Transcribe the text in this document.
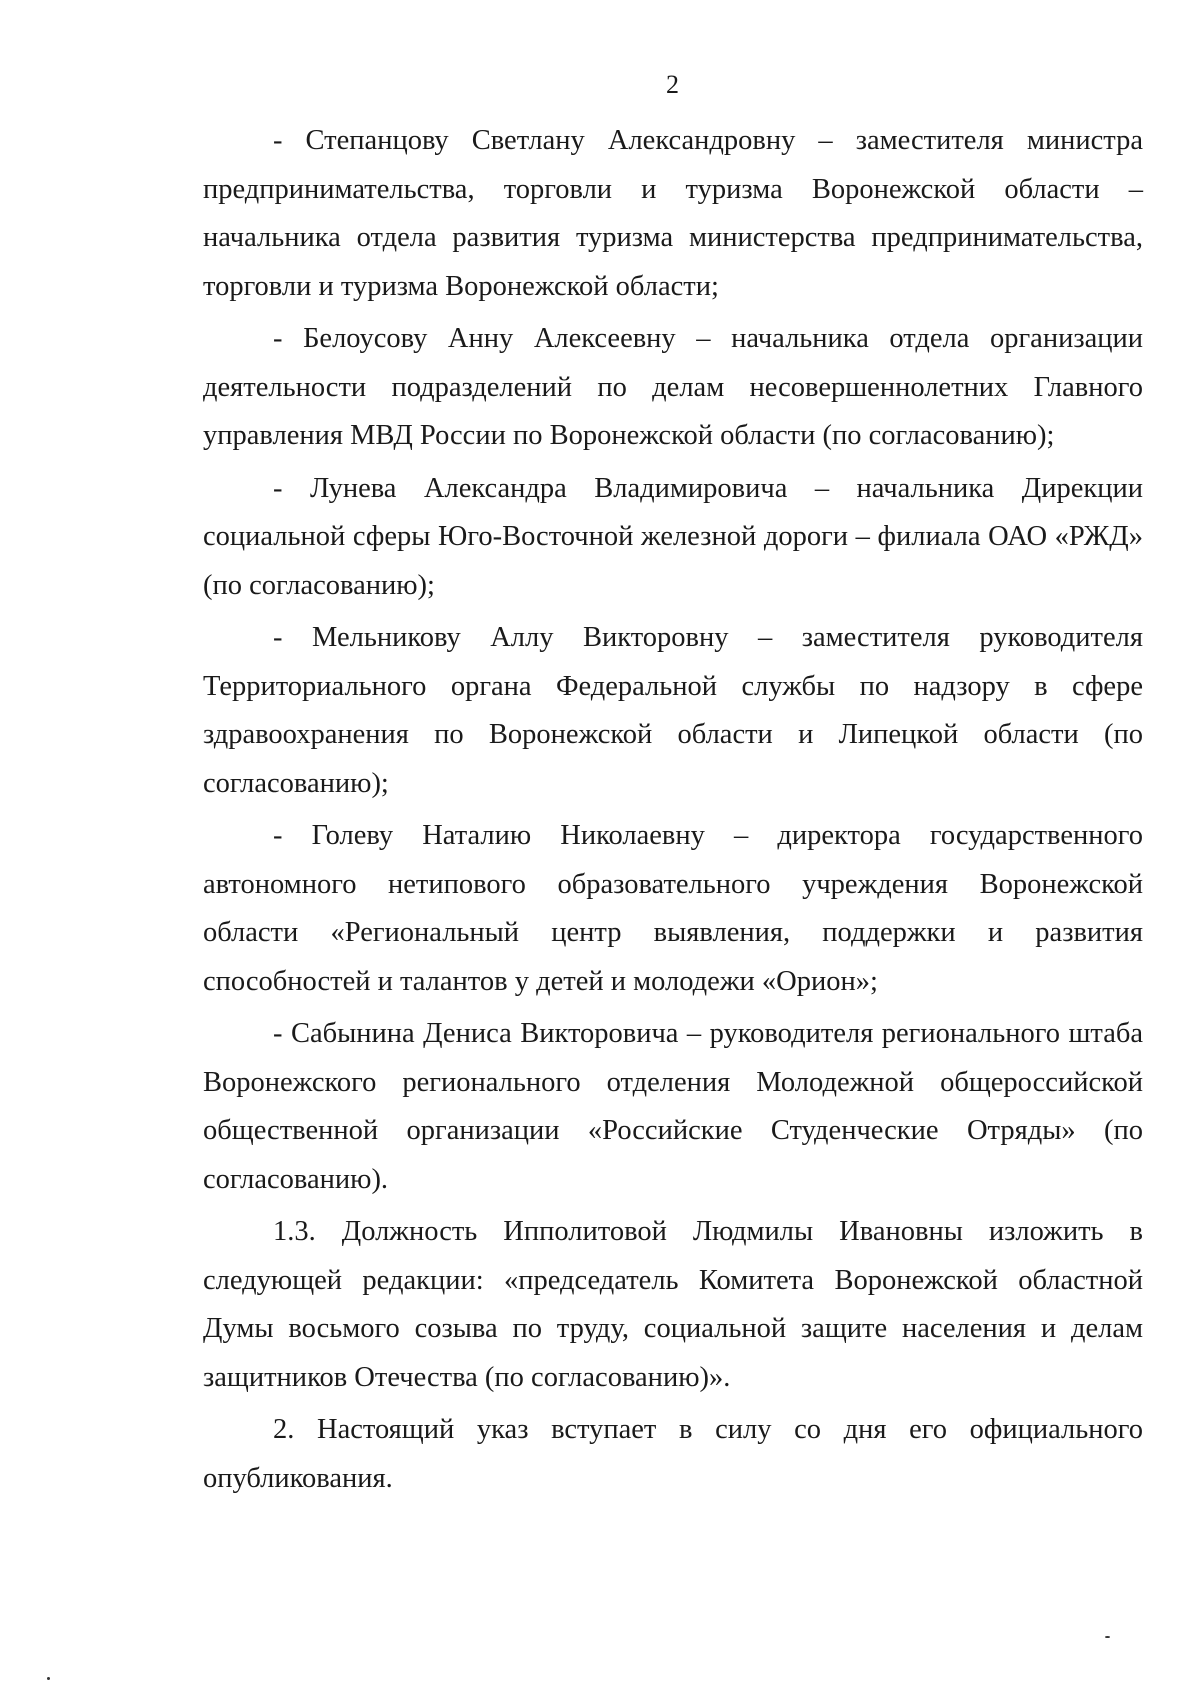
2
- Степанцову Светлану Александровну – заместителя министра
предпринимательства, торговли и туризма Воронежской области –
начальника отдела развития туризма министерства предпринимательства,
торговли и туризма Воронежской области;
- Белоусову Анну Алексеевну – начальника отдела организации
деятельности подразделений по делам несовершеннолетних Главного
управления МВД России по Воронежской области (по согласованию);
- Лунева Александра Владимировича – начальника Дирекции
социальной сферы Юго-Восточной железной дороги – филиала ОАО «РЖД»
(по согласованию);
- Мельникову Аллу Викторовну – заместителя руководителя
Территориального органа Федеральной службы по надзору в сфере
здравоохранения по Воронежской области и Липецкой области (по
согласованию);
- Голеву Наталию Николаевну – директора государственного
автономного нетипового образовательного учреждения Воронежской
области «Региональный центр выявления, поддержки и развития
способностей и талантов у детей и молодежи «Орион»;
- Сабынина Дениса Викторовича – руководителя регионального штаба
Воронежского регионального отделения Молодежной общероссийской
общественной организации «Российские Студенческие Отряды» (по
согласованию).
1.3. Должность Ипполитовой Людмилы Ивановны изложить в
следующей редакции: «председатель Комитета Воронежской областной
Думы восьмого созыва по труду, социальной защите населения и делам
защитников Отечества (по согласованию)».
2. Настоящий указ вступает в силу со дня его официального
опубликования.
